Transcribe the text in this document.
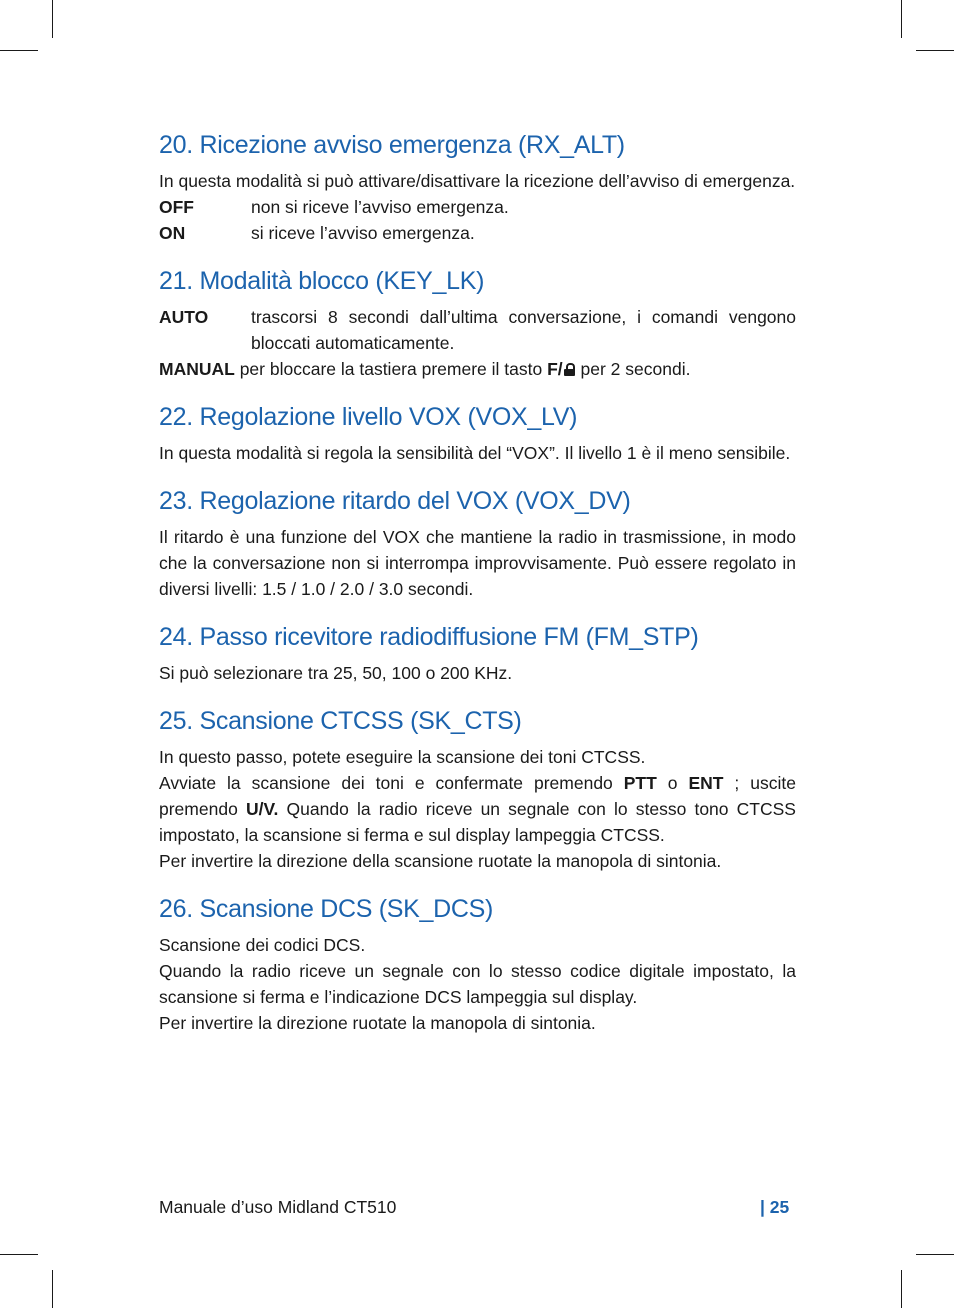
20. Ricezione avviso emergenza (RX_ALT)

In questa modalità si può attivare/disattivare la ricezione dell’avviso di emergenza.

OFF	non si riceve l’avviso emergenza.
ON	si riceve l’avviso emergenza.
21. Modalità blocco (KEY_LK)
AUTO	trascorsi 8 secondi dall’ultima conversazione, i comandi vengono bloccati automaticamente.

MANUAL per bloccare la tastiera premere il tasto F/ per 2 secondi.

22. Regolazione livello VOX (VOX_LV)

In questa modalità si regola la sensibilità del “VOX”. Il livello 1 è il meno sensibile.

23. Regolazione ritardo del VOX (VOX_DV)

Il ritardo è una funzione del VOX che mantiene la radio in trasmissione, in modo che la conversazione non si interrompa improvvisamente. Può essere regolato in diversi livelli: 1.5 / 1.0 / 2.0 / 3.0 secondi.

24. Passo ricevitore radiodiffusione FM (FM_STP)

Si può selezionare tra 25, 50, 100 o 200 KHz.

25. Scansione CTCSS (SK_CTS)

In questo passo, potete eseguire la scansione dei toni CTCSS.

Avviate la scansione dei toni e confermate premendo PTT o ENT ; uscite premendo U/V. Quando la radio riceve un segnale con lo stesso tono CTCSS impostato, la scansione si ferma e sul display lampeggia CTCSS.

Per invertire la direzione della scansione ruotate la manopola di sintonia.

26. Scansione DCS (SK_DCS)

Scansione dei codici DCS.

Quando la radio riceve un segnale con lo stesso codice digitale impostato, la scansione si ferma e l’indicazione DCS lampeggia sul display.

Per invertire la direzione ruotate la manopola di sintonia.

Manuale d’uso Midland CT510	| 25
